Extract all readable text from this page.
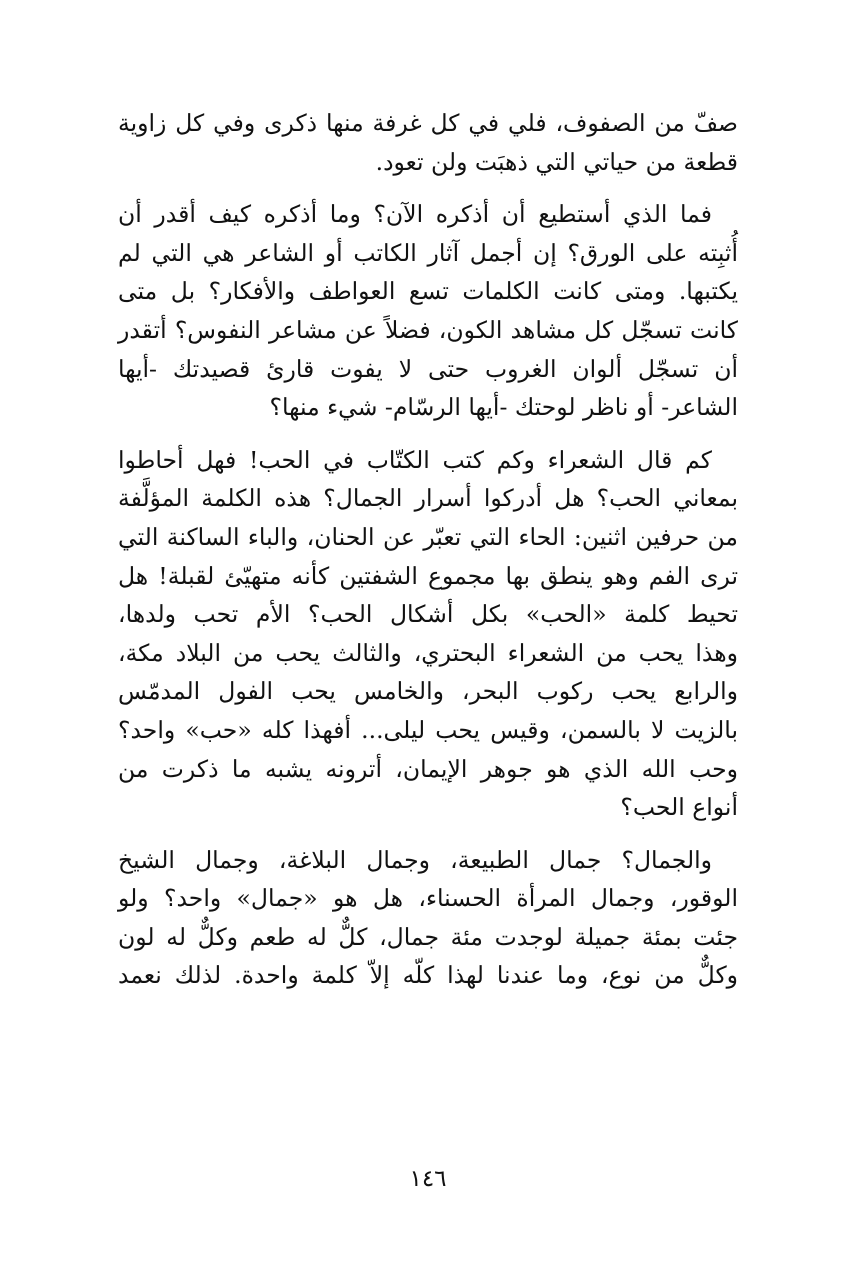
صفّ من الصفوف، فلي في كل غرفة منها ذكرى وفي كل زاوية
قطعة من حياتي التي ذهبَت ولن تعود.
فما الذي أستطيع أن أذكره الآن؟ وما أذكره كيف أقدر أن
أُثبِته على الورق؟ إن أجمل آثار الكاتب أو الشاعر هي التي لم
يكتبها. ومتى كانت الكلمات تسع العواطف والأفكار؟ بل متى
كانت تسجّل كل مشاهد الكون، فضلاً عن مشاعر النفوس؟ أتقدر
أن تسجّل ألوان الغروب حتى لا يفوت قارئ قصيدتك -أيها
الشاعر- أو ناظر لوحتك -أيها الرسّام- شيء منها؟
كم قال الشعراء وكم كتب الكتّاب في الحب! فهل أحاطوا
بمعاني الحب؟ هل أدركوا أسرار الجمال؟ هذه الكلمة المؤلَّفة
من حرفين اثنين: الحاء التي تعبّر عن الحنان، والباء الساكنة التي
ترى الفم وهو ينطق بها مجموع الشفتين كأنه متهيّئ لقبلة! هل
تحيط كلمة «الحب» بكل أشكال الحب؟ الأم تحب ولدها،
وهذا يحب من الشعراء البحتري، والثالث يحب من البلاد مكة،
والرابع يحب ركوب البحر، والخامس يحب الفول المدمّس
بالزيت لا بالسمن، وقيس يحب ليلى... أفهذا كله «حب» واحد؟
وحب الله الذي هو جوهر الإيمان، أترونه يشبه ما ذكرت من
أنواع الحب؟
والجمال؟ جمال الطبيعة، وجمال البلاغة، وجمال الشيخ
الوقور، وجمال المرأة الحسناء، هل هو «جمال» واحد؟ ولو
جئت بمئة جميلة لوجدت مئة جمال، كلٌّ له طعم وكلٌّ له لون
وكلٌّ من نوع، وما عندنا لهذا كلّه إلاّ كلمة واحدة. لذلك نعمد
١٤٦
